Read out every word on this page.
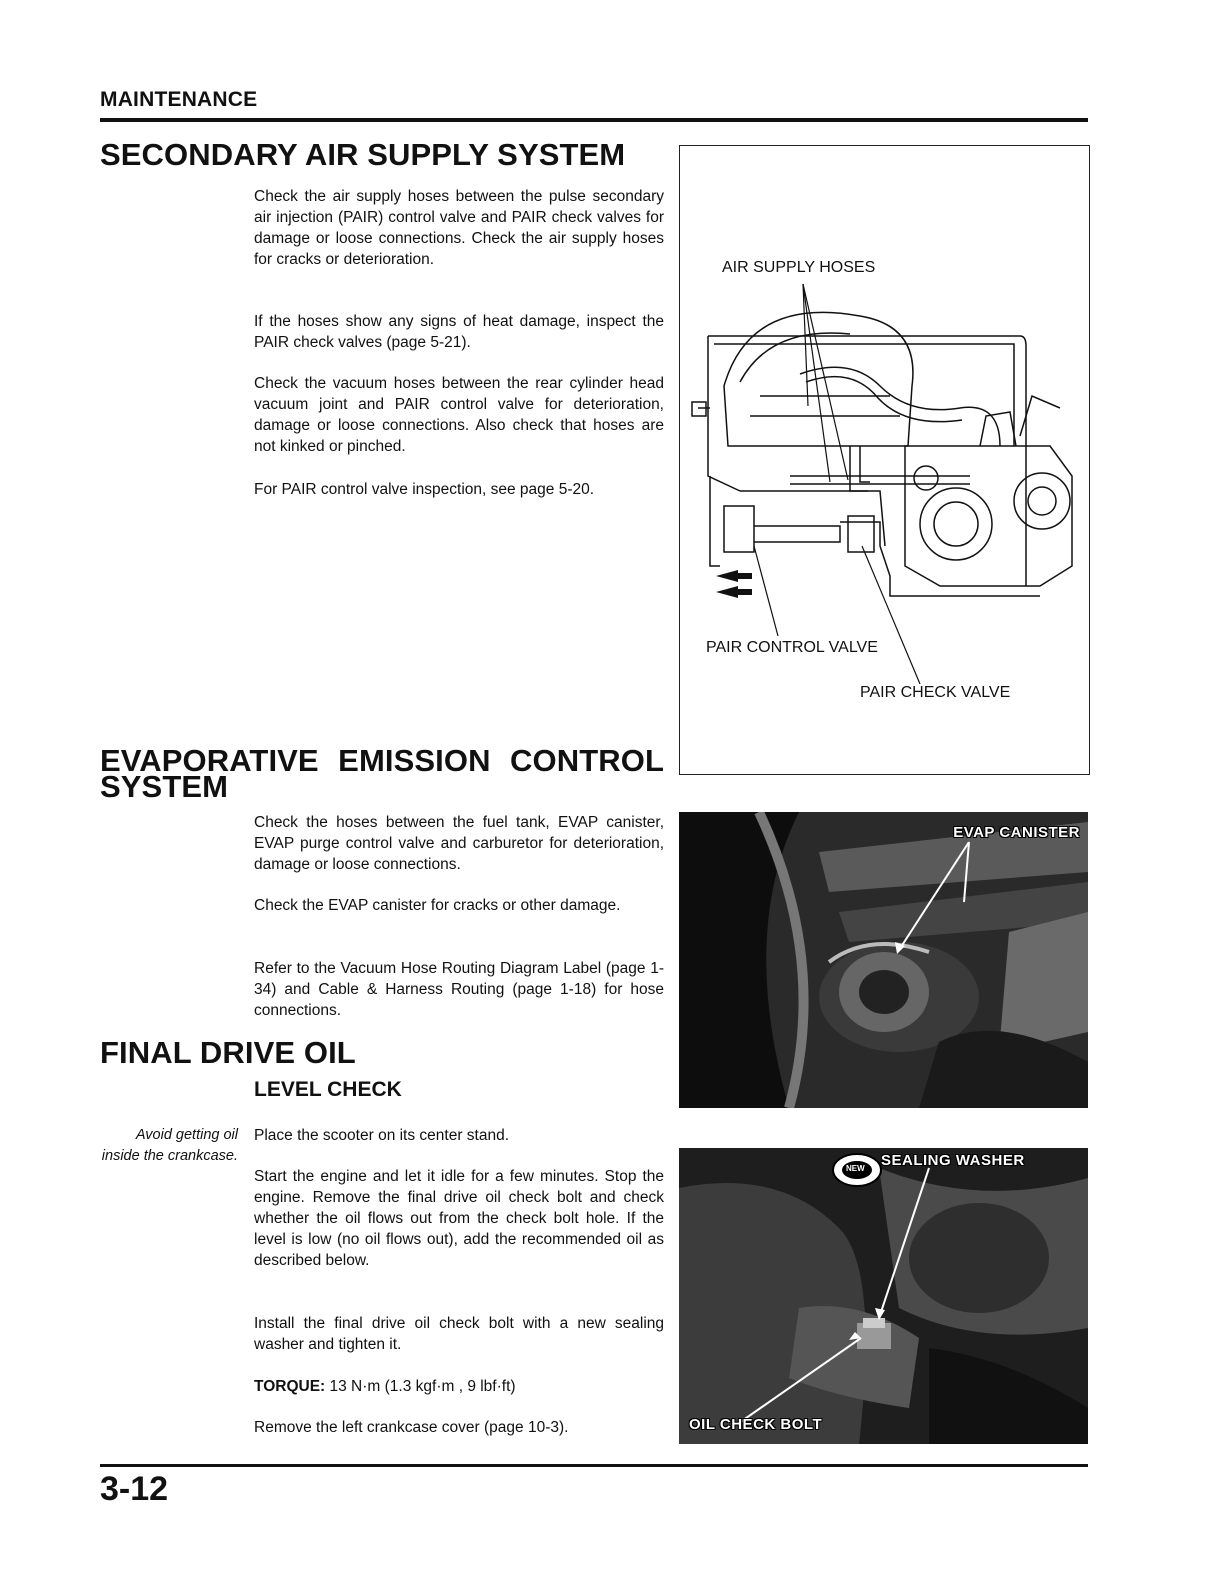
MAINTENANCE
SECONDARY AIR SUPPLY SYSTEM
Check the air supply hoses between the pulse secondary air injection (PAIR) control valve and PAIR check valves for damage or loose connections. Check the air supply hoses for cracks or deterioration.
If the hoses show any signs of heat damage, inspect the PAIR check valves (page 5-21).
Check the vacuum hoses between the rear cylinder head vacuum joint and PAIR control valve for deterioration, damage or loose connections. Also check that hoses are not kinked or pinched.
For PAIR control valve inspection, see page 5-20.
AIR SUPPLY HOSES
PAIR CONTROL VALVE
PAIR CHECK VALVE
EVAPORATIVE EMISSION CONTROL
SYSTEM
Check the hoses between the fuel tank, EVAP canister, EVAP purge control valve and carburetor for deterioration, damage or loose connections.
Check the EVAP canister for cracks or other damage.
Refer to the Vacuum Hose Routing Diagram Label (page 1-34) and Cable & Harness Routing (page 1-18) for hose connections.
EVAP CANISTER
FINAL DRIVE OIL
LEVEL CHECK
Avoid getting oil inside the crankcase.
Place the scooter on its center stand.
Start the engine and let it idle for a few minutes. Stop the engine. Remove the final drive oil check bolt and check whether the oil flows out from the check bolt hole. If the level is low (no oil flows out), add the recommended oil as described below.
Install the final drive oil check bolt with a new sealing washer and tighten it.
TORQUE: 13 N·m (1.3 kgf·m , 9 lbf·ft)
Remove the left crankcase cover (page 10-3).
NEW SEALING WASHER
OIL CHECK BOLT
3-12
